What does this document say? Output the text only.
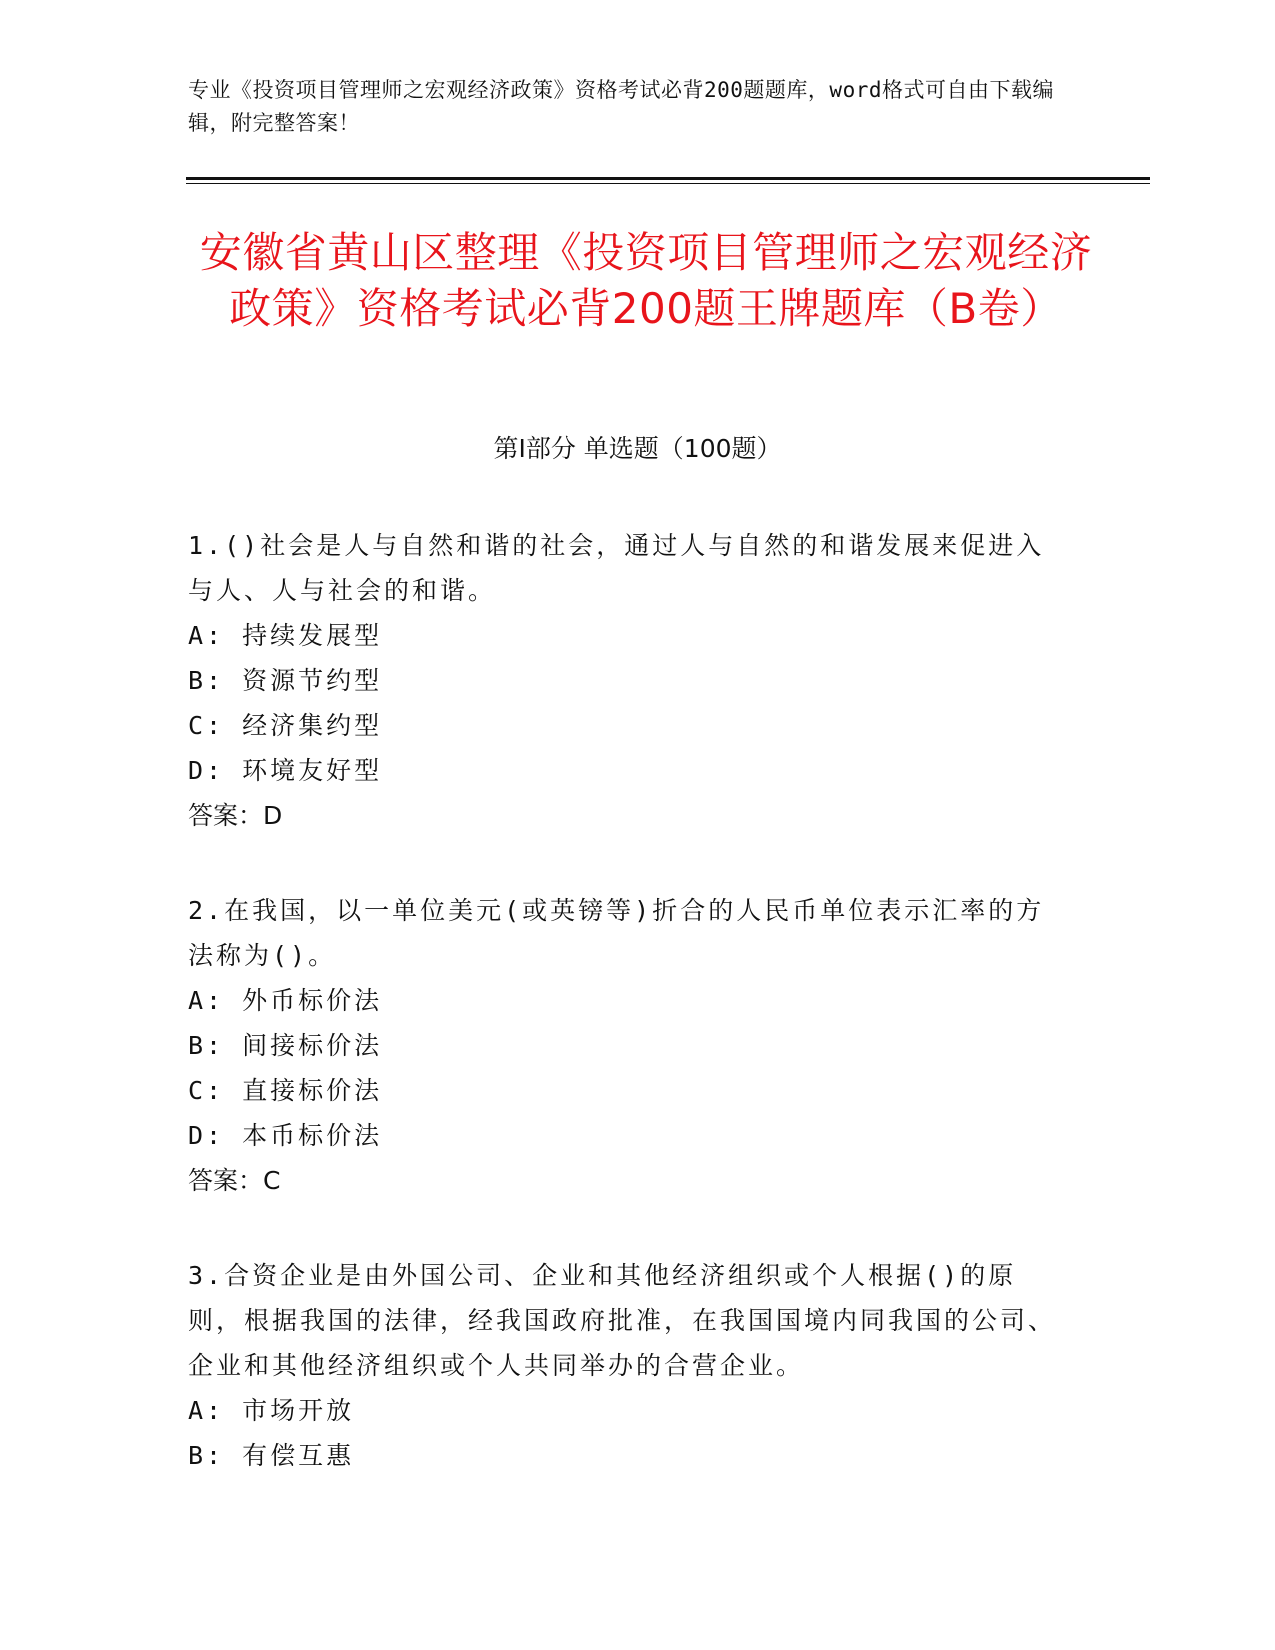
专业《投资项目管理师之宏观经济政策》资格考试必背200题题库，word格式可自由下载编辑，附完整答案！
安徽省黄山区整理《投资项目管理师之宏观经济政策》资格考试必背200题王牌题库（B卷）
第Ⅰ部分 单选题（100题）
1.()社会是人与自然和谐的社会，通过人与自然的和谐发展来促进入与人、人与社会的和谐。
A: 持续发展型
B: 资源节约型
C: 经济集约型
D: 环境友好型
答案：D
2.在我国，以一单位美元(或英镑等)折合的人民币单位表示汇率的方法称为()。
A: 外币标价法
B: 间接标价法
C: 直接标价法
D: 本币标价法
答案：C
3.合资企业是由外国公司、企业和其他经济组织或个人根据()的原则，根据我国的法律，经我国政府批准，在我国国境内同我国的公司、企业和其他经济组织或个人共同举办的合营企业。
A: 市场开放
B: 有偿互惠
